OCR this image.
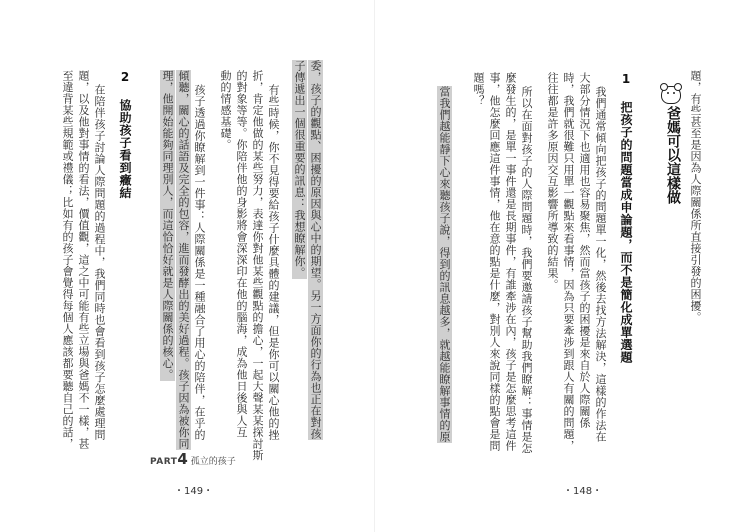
委，孩子的觀點、困擾的原因與心中的期望。另一方面你的行為也正在對孩
子傳遞出一個很重要的訊息：我想瞭解你。
有些時候，你不見得要給孩子什麼具體的建議，但是你可以關心他的挫
折，肯定他做的某些努力，表達你對他某些觀點的擔心，一起大聲某某探討斯
的對象等等。你陪伴他的身影將會深深印在他的腦海，成為他日後與人互
動的情感基礎。
孩子透過你瞭解到一件事：人際關係是一種融合了用心的陪伴，在乎的
傾聽，關心的話語及完全的包容，進而發酵出的美好過程。孩子因為被你同
理，他開始能夠同理別人，而這恰恰好就是人際關係的核心。
2 協助孩子看到癥結
在陪伴孩子討論人際問題的過程中，我們同時也會看到孩子怎麼處理問
題，以及他對事情的看法，價值觀，這之中可能有些立場與爸媽不一樣，甚
至違背某些規範或禮儀；比如有的孩子會覺得每個人應該都要聽自己的話，
PART4 孤立的孩子
・149・
題，有些甚至是因為人際關係所直接引發的困擾。
爸媽可以這樣做
1 把孩子的問題當成申論題，而不是簡化成單選題
我們通常傾向把孩子的問題單一化，然後去找方法解決，這樣的作法在
大部分情況下也適用也容易聚焦，然而當孩子的困擾是來自於人際關係
時，我們就很難只用單一觀點來看事情，因為只要牽涉到跟人有關的問題，
往往都是許多原因交互影響所導致的結果。
所以在面對孩子的人際問題時，我們要邀請孩子幫助我們瞭解：事情是怎
麼發生的，是單一事件還是長期事件，有誰牽涉在內，孩子是怎麼思考這件
事，他怎麼回應這件事情，他在意的點是什麼，對別人來說同樣的點會是問
題嗎？
當我們越能靜下心來聽孩子說，得到的訊息越多，就越能瞭解事情的原
・148・
